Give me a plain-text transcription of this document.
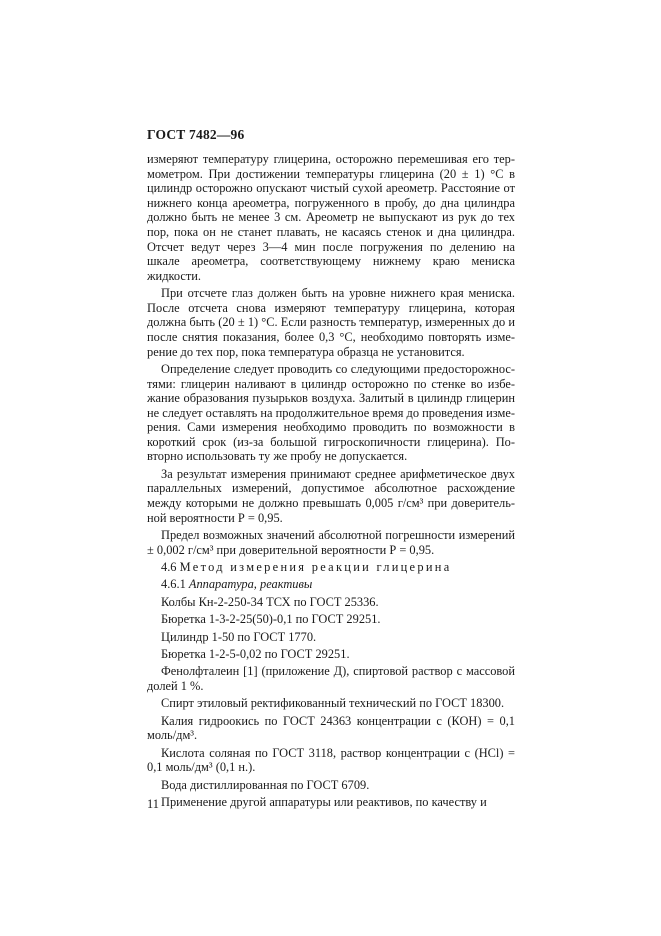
ГОСТ 7482—96

измеряют температуру глицерина, осторожно перемешивая его термометром. При достижении температуры глицерина (20 ± 1) °С в цилиндр осторожно опускают чистый сухой ареометр. Расстояние от нижнего конца ареометра, погруженного в пробу, до дна цилиндра должно быть не менее 3 см. Ареометр не выпускают из рук до тех пор, пока он не станет плавать, не касаясь стенок и дна цилиндра. Отсчет ведут через 3—4 мин после погружения по делению на шкале ареометра, соответствующему нижнему краю мениска жидкости.

При отсчете глаз должен быть на уровне нижнего края мениска. После отсчета снова измеряют температуру глицерина, которая должна быть (20 ± 1) °С. Если разность температур, измеренных до и после снятия показания, более 0,3 °С, необходимо повторять измерение до тех пор, пока температура образца не установится.

Определение следует проводить со следующими предосторожностями: глицерин наливают в цилиндр осторожно по стенке во избежание образования пузырьков воздуха. Залитый в цилиндр глицерин не следует оставлять на продолжительное время до проведения измерения. Сами измерения необходимо проводить по возможности в короткий срок (из-за большой гигроскопичности глицерина). Повторно использовать ту же пробу не допускается.

За результат измерения принимают среднее арифметическое двух параллельных измерений, допустимое абсолютное расхождение между которыми не должно превышать 0,005 г/см³ при доверительной вероятности Р = 0,95.

Предел возможных значений абсолютной погрешности измерений ± 0,002 г/см³ при доверительной вероятности Р = 0,95.

4.6 Метод измерения реакции глицерина

4.6.1 Аппаратура, реактивы

Колбы Кн-2-250-34 ТСХ по ГОСТ 25336.

Бюретка 1-3-2-25(50)-0,1 по ГОСТ 29251.

Цилиндр 1-50 по ГОСТ 1770.

Бюретка 1-2-5-0,02 по ГОСТ 29251.

Фенолфталеин [1] (приложение Д), спиртовой раствор с массовой долей 1 %.

Спирт этиловый ректификованный технический по ГОСТ 18300.

Калия гидроокись по ГОСТ 24363 концентрации с (КОН) = 0,1 моль/дм³.

Кислота соляная по ГОСТ 3118, раствор концентрации с (НСl) = 0,1 моль/дм³ (0,1 н.).

Вода дистиллированная по ГОСТ 6709.

Применение другой аппаратуры или реактивов, по качеству и

11
